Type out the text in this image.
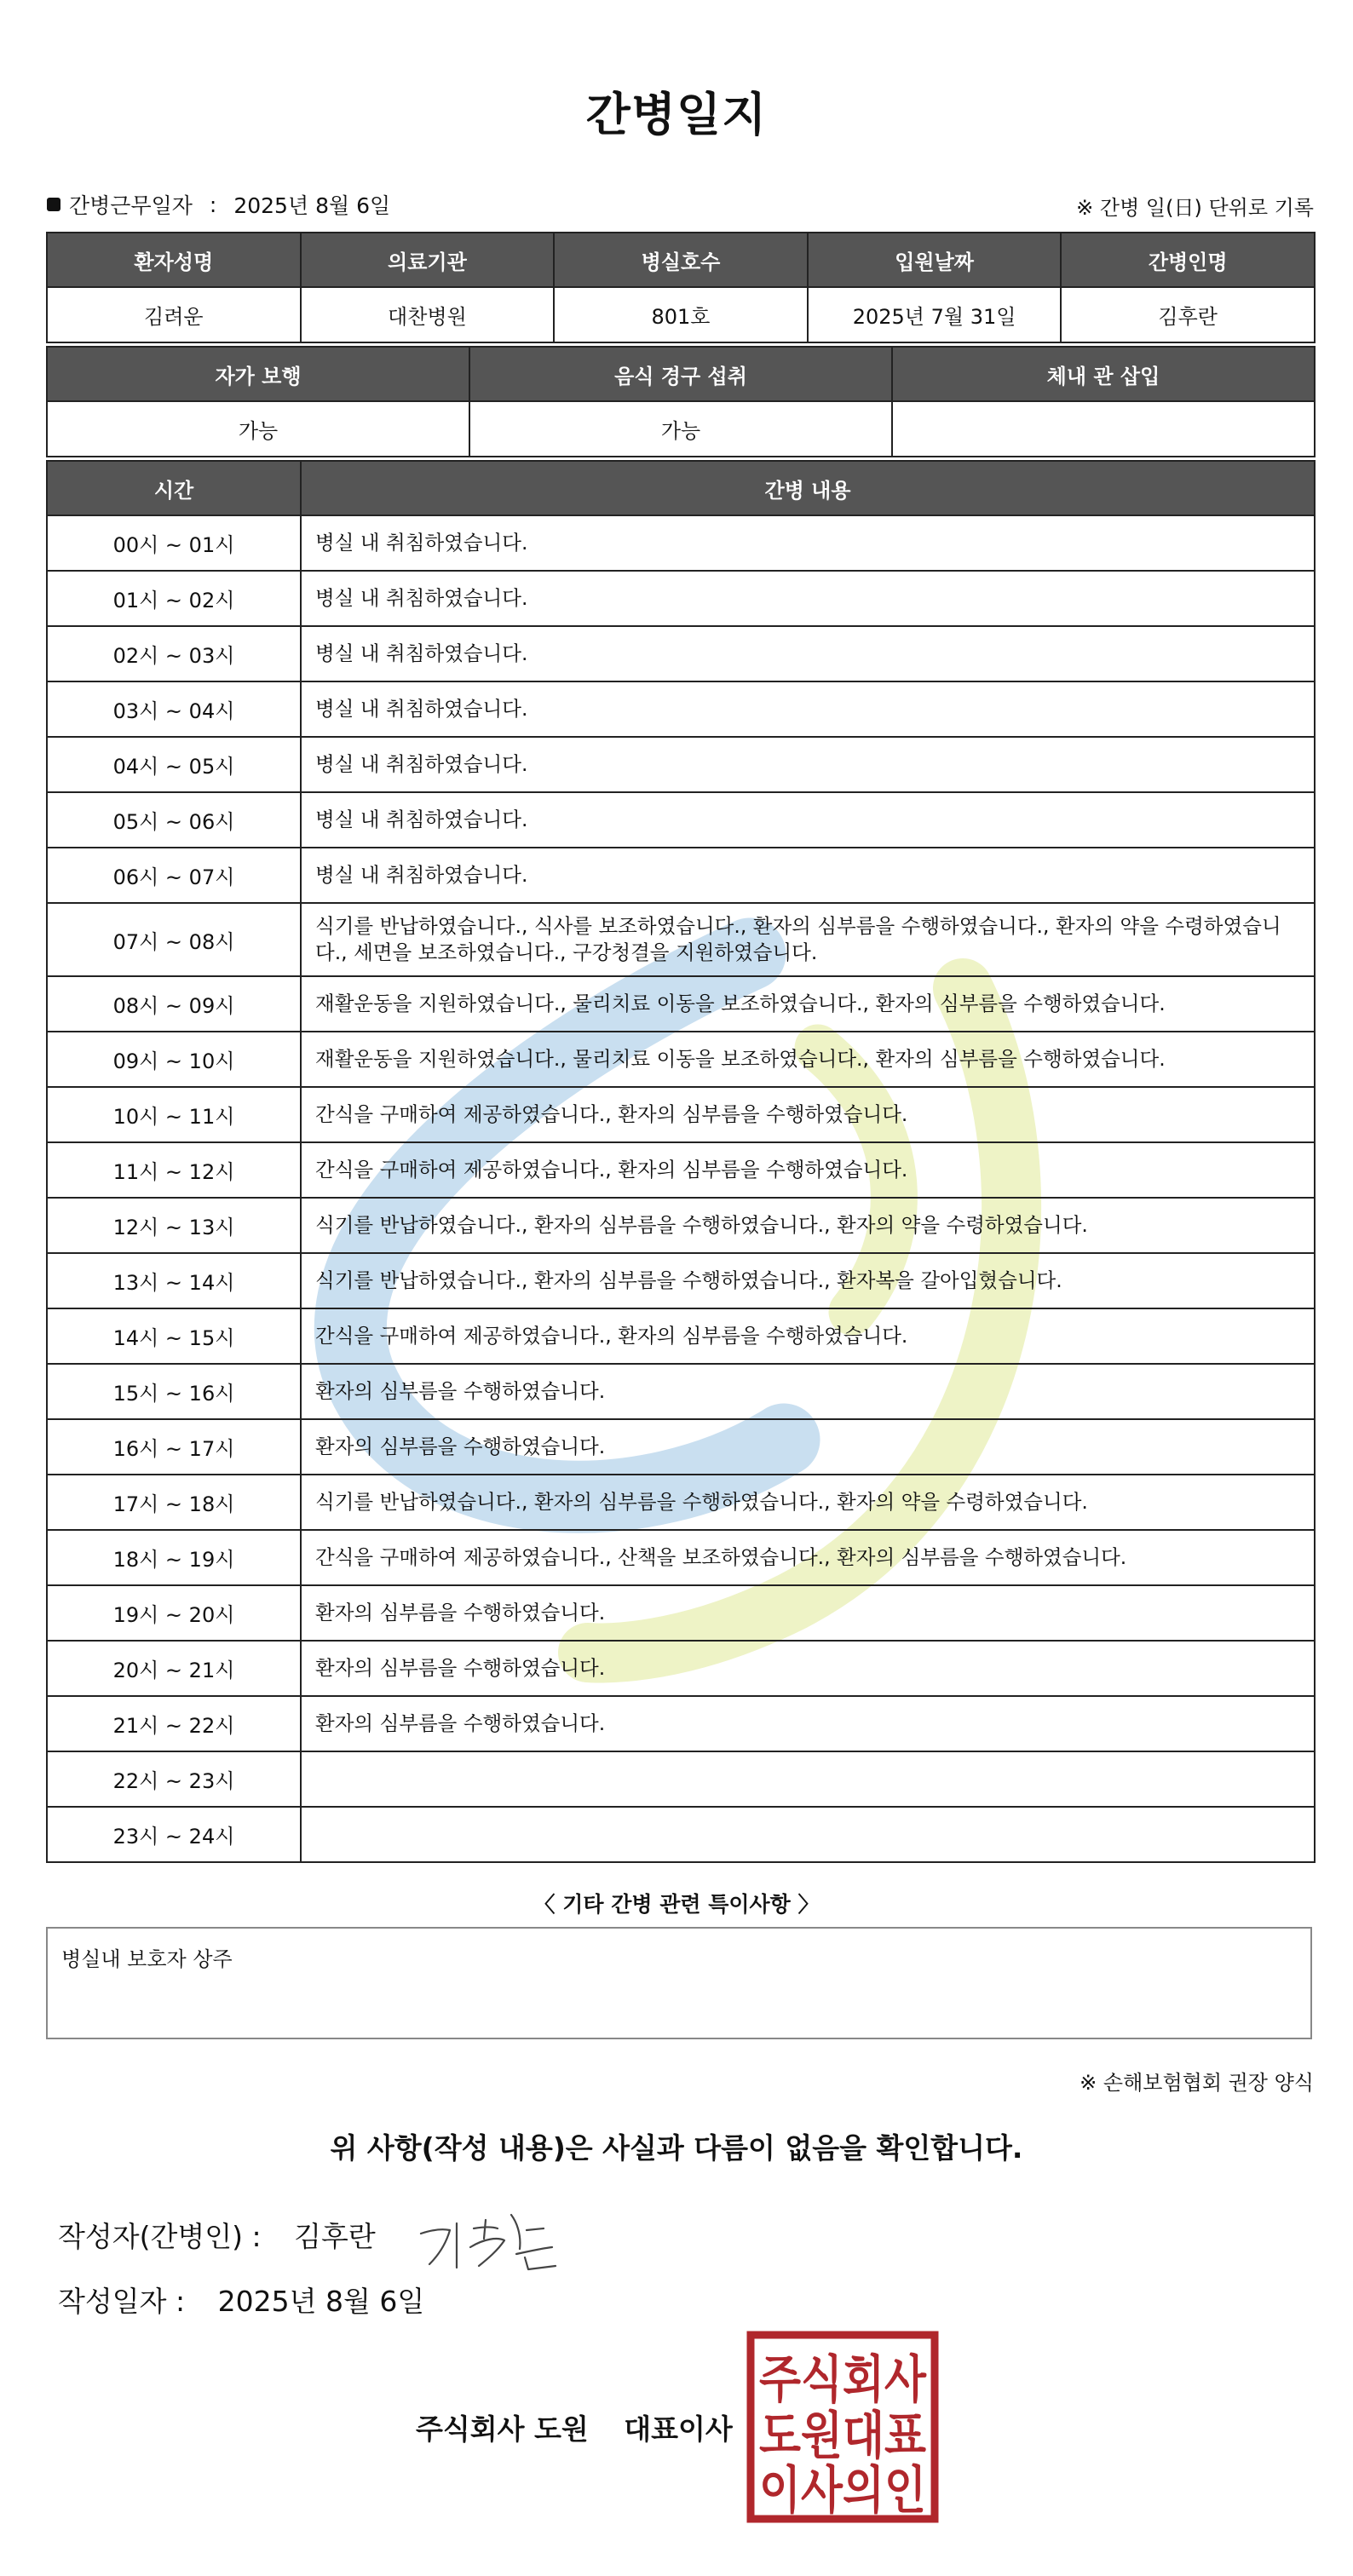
간병일지
간병근무일자 : 2025년 8월 6일	※ 간병 일(日) 단위로 기록
환자성명	의료기관	병실호수	입원날짜	간병인명
김려운	대찬병원	801호	2025년 7월 31일	김후란
자가 보행	음식 경구 섭취	체내 관 삽입
가능	가능	
시간	간병 내용
00시 ~ 01시	병실 내 취침하였습니다.
01시 ~ 02시	병실 내 취침하였습니다.
02시 ~ 03시	병실 내 취침하였습니다.
03시 ~ 04시	병실 내 취침하였습니다.
04시 ~ 05시	병실 내 취침하였습니다.
05시 ~ 06시	병실 내 취침하였습니다.
06시 ~ 07시	병실 내 취침하였습니다.
07시 ~ 08시	식기를 반납하였습니다., 식사를 보조하였습니다., 환자의 심부름을 수행하였습니다., 환자의 약을 수령하였습니다., 세면을 보조하였습니다., 구강청결을 지원하였습니다.
08시 ~ 09시	재활운동을 지원하였습니다., 물리치료 이동을 보조하였습니다., 환자의 심부름을 수행하였습니다.
09시 ~ 10시	재활운동을 지원하였습니다., 물리치료 이동을 보조하였습니다., 환자의 심부름을 수행하였습니다.
10시 ~ 11시	간식을 구매하여 제공하였습니다., 환자의 심부름을 수행하였습니다.
11시 ~ 12시	간식을 구매하여 제공하였습니다., 환자의 심부름을 수행하였습니다.
12시 ~ 13시	식기를 반납하였습니다., 환자의 심부름을 수행하였습니다., 환자의 약을 수령하였습니다.
13시 ~ 14시	식기를 반납하였습니다., 환자의 심부름을 수행하였습니다., 환자복을 갈아입혔습니다.
14시 ~ 15시	간식을 구매하여 제공하였습니다., 환자의 심부름을 수행하였습니다.
15시 ~ 16시	환자의 심부름을 수행하였습니다.
16시 ~ 17시	환자의 심부름을 수행하였습니다.
17시 ~ 18시	식기를 반납하였습니다., 환자의 심부름을 수행하였습니다., 환자의 약을 수령하였습니다.
18시 ~ 19시	간식을 구매하여 제공하였습니다., 산책을 보조하였습니다., 환자의 심부름을 수행하였습니다.
19시 ~ 20시	환자의 심부름을 수행하였습니다.
20시 ~ 21시	환자의 심부름을 수행하였습니다.
21시 ~ 22시	환자의 심부름을 수행하였습니다.
22시 ~ 23시	
23시 ~ 24시	
〈 기타 간병 관련 특이사항 〉
병실내 보호자 상주
※ 손해보험협회 권장 양식
위 사항(작성 내용)은 사실과 다름이 없음을 확인합니다.
작성자(간병인) : 김후란
작성일자 : 2025년 8월 6일
주식회사 도원 대표이사
주식회사
도원대표
이사의인
